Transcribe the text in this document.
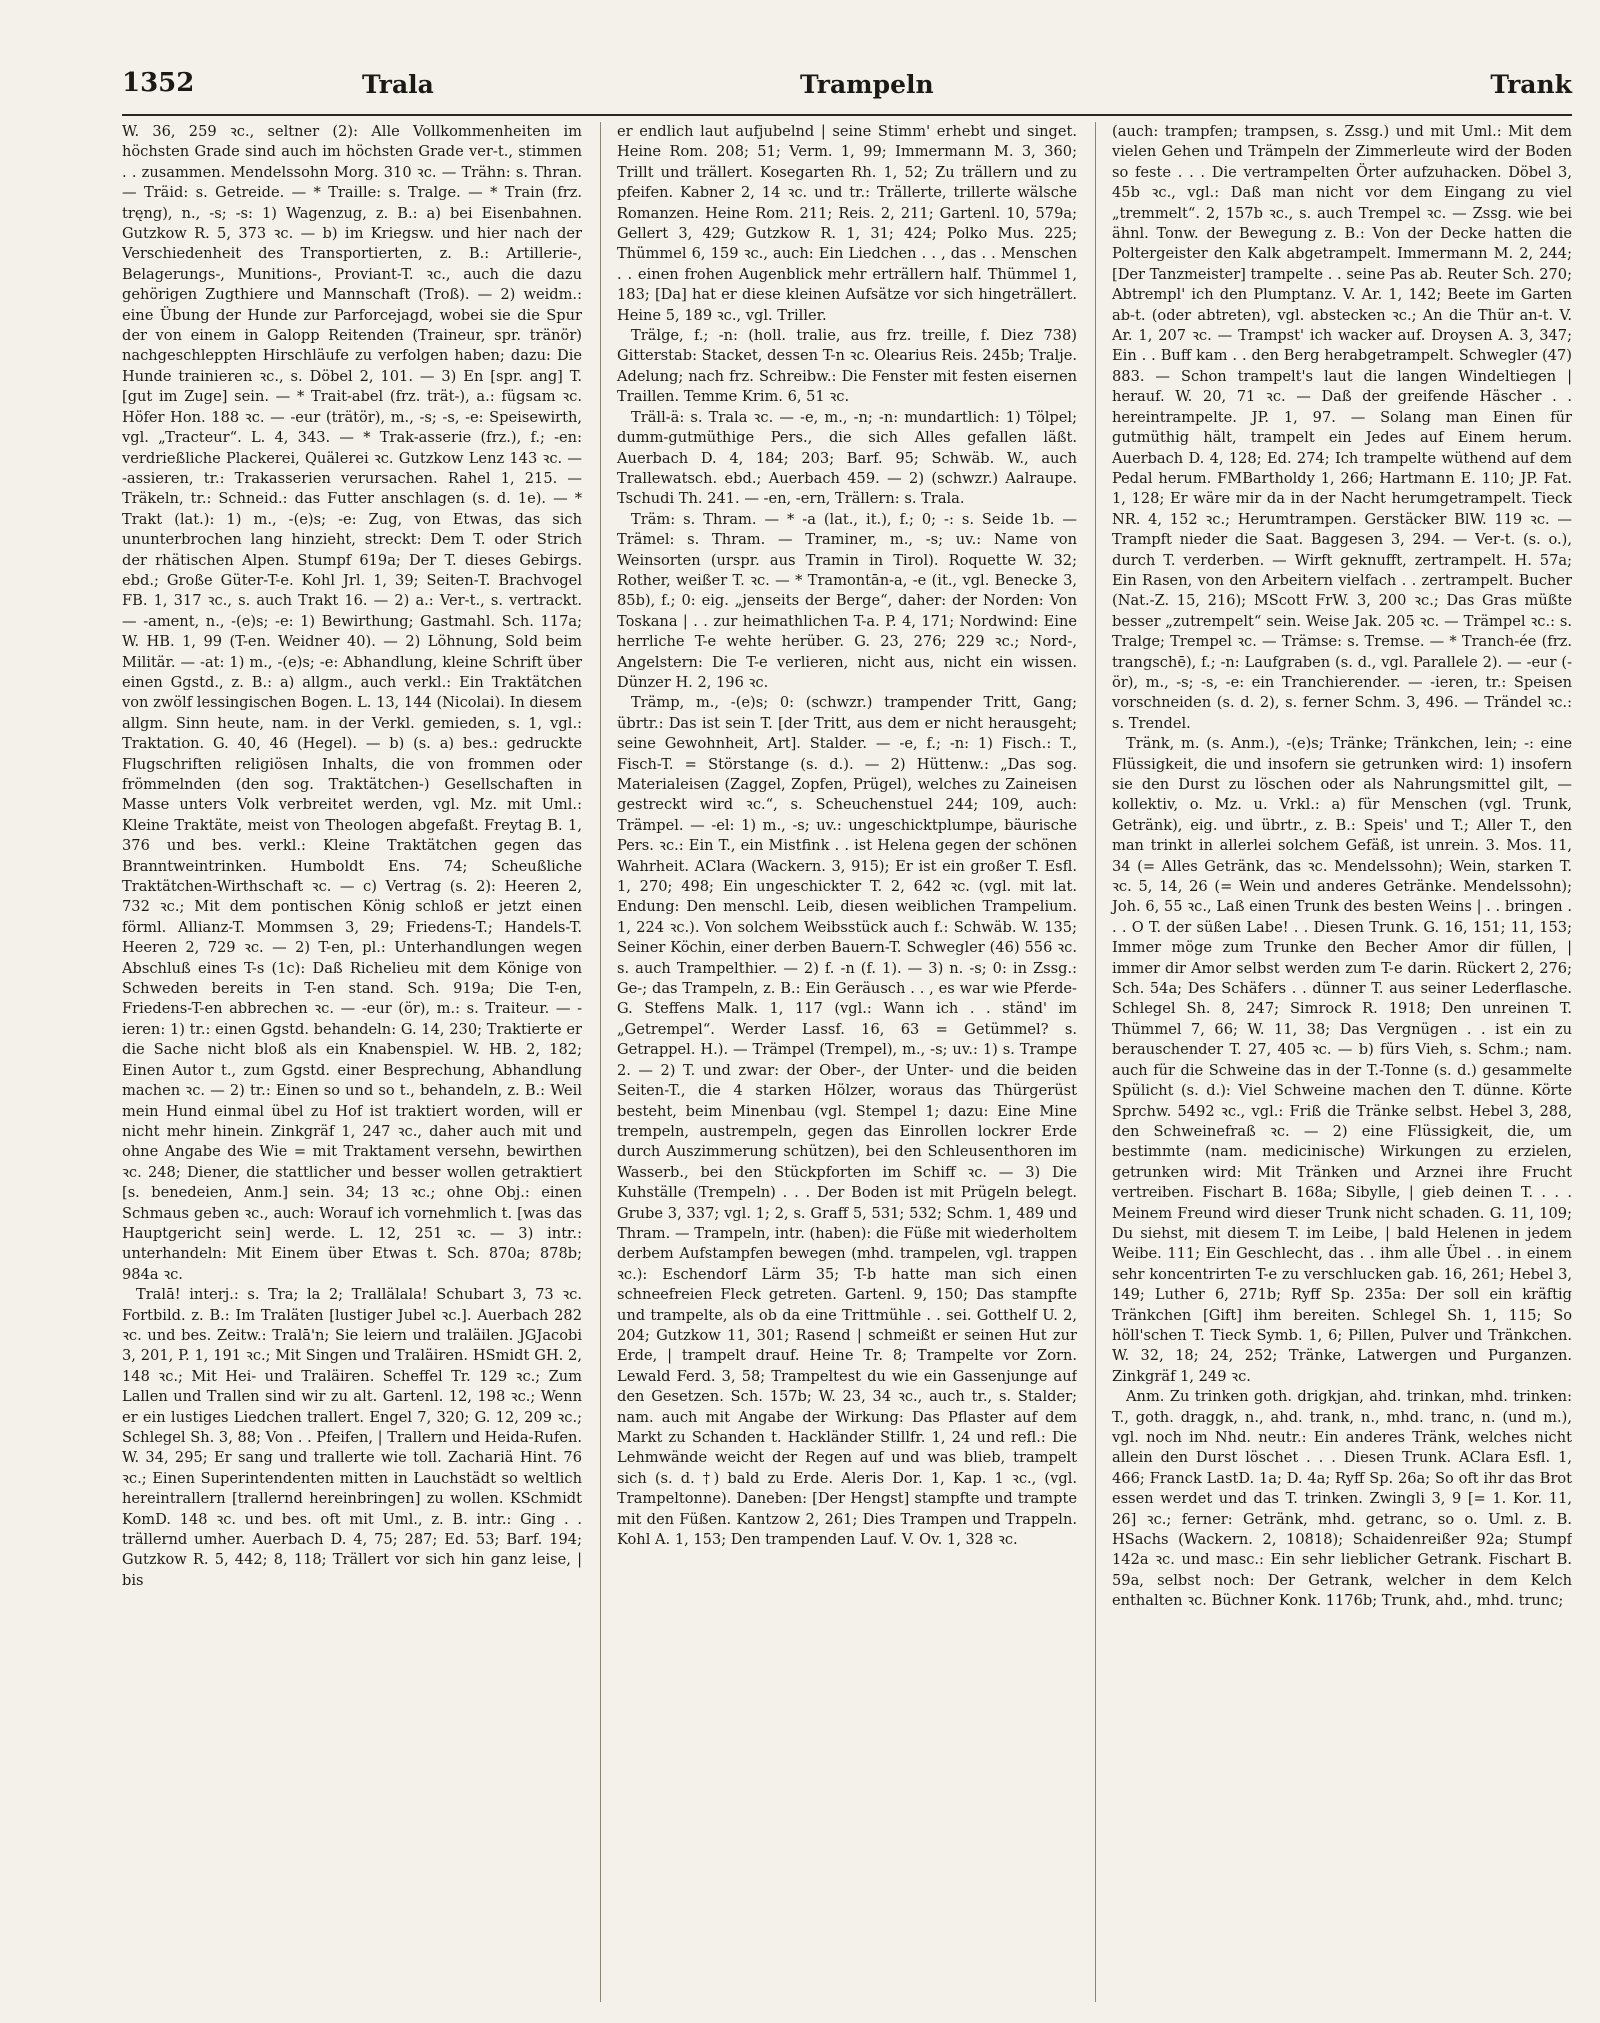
1352	Trala	Trampeln	Trank

W. 36, 259 ꝛc., seltner (2): Alle Vollkommenheiten im höchsten Grade sind auch im höchsten Grade ver-t., stimmen . . zusammen. Mendelssohn Morg. 310 ꝛc. — Trähn: s. Thran. — Träid: s. Getreide. — * Traille: s. Tralge. — * Train (frz. tręng), n., -s; -s: 1) Wagenzug, z. B.: a) bei Eisenbahnen. Gutzkow R. 5, 373 ꝛc. — b) im Kriegsw. und hier nach der Verschiedenheit des Transportierten, z. B.: Artillerie-, Belagerungs-, Munitions-, Proviant-T. ꝛc., auch die dazu gehörigen Zugthiere und Mannschaft (Troß). — 2) weidm.: eine Übung der Hunde zur Parforcejagd, wobei sie die Spur der von einem in Galopp Reitenden (Traineur, spr. tränör) nachgeschleppten Hirschläufe zu verfolgen haben; dazu: Die Hunde trainieren ꝛc., s. Döbel 2, 101. — 3) En [spr. ang] T. [gut im Zuge] sein. — * Trait-abel (frz. trät-), a.: fügsam ꝛc. Höfer Hon. 188 ꝛc. — -eur (trätör), m., -s; -s, -e: Speisewirth, vgl. „Tracteur“. L. 4, 343. — * Trak-asserie (frz.), f.; -en: verdrießliche Plackerei, Quälerei ꝛc. Gutzkow Lenz 143 ꝛc. — -assieren, tr.: Trakasserien verursachen. Rahel 1, 215. — Träkeln, tr.: Schneid.: das Futter anschlagen (s. d. 1e). — * Trakt (lat.): 1) m., -(e)s; -e: Zug, von Etwas, das sich ununterbrochen lang hinzieht, streckt: Dem T. oder Strich der rhätischen Alpen. Stumpf 619a; Der T. dieses Gebirgs. ebd.; Große Güter-T-e. Kohl Jrl. 1, 39; Seiten-T. Brachvogel FB. 1, 317 ꝛc., s. auch Trakt 16. — 2) a.: Ver-t., s. vertrackt. — -ament, n., -(e)s; -e: 1) Bewirthung; Gastmahl. Sch. 117a; W. HB. 1, 99 (T-en. Weidner 40). — 2) Löhnung, Sold beim Militär. — -at: 1) m., -(e)s; -e: Abhandlung, kleine Schrift über einen Ggstd., z. B.: a) allgm., auch verkl.: Ein Traktätchen von zwölf lessingischen Bogen. L. 13, 144 (Nicolai). In diesem allgm. Sinn heute, nam. in der Verkl. gemieden, s. 1, vgl.: Traktation. G. 40, 46 (Hegel). — b) (s. a) bes.: gedruckte Flugschriften religiösen Inhalts, die von frommen oder frömmelnden (den sog. Traktätchen-) Gesellschaften in Masse unters Volk verbreitet werden, vgl. Mz. mit Uml.: Kleine Traktäte, meist von Theologen abgefaßt. Freytag B. 1, 376 und bes. verkl.: Kleine Traktätchen gegen das Branntweintrinken. Humboldt Ens. 74; Scheußliche Traktätchen-Wirthschaft ꝛc. — c) Vertrag (s. 2): Heeren 2, 732 ꝛc.; Mit dem pontischen König schloß er jetzt einen förml. Allianz-T. Mommsen 3, 29; Friedens-T.; Handels-T. Heeren 2, 729 ꝛc. — 2) T-en, pl.: Unterhandlungen wegen Abschluß eines T-s (1c): Daß Richelieu mit dem Könige von Schweden bereits in T-en stand. Sch. 919a; Die T-en, Friedens-T-en abbrechen ꝛc. — -eur (ör), m.: s. Traiteur. — -ieren: 1) tr.: einen Ggstd. behandeln: G. 14, 230; Traktierte er die Sache nicht bloß als ein Knabenspiel. W. HB. 2, 182; Einen Autor t., zum Ggstd. einer Besprechung, Abhandlung machen ꝛc. — 2) tr.: Einen so und so t., behandeln, z. B.: Weil mein Hund einmal übel zu Hof ist traktiert worden, will er nicht mehr hinein. Zinkgräf 1, 247 ꝛc., daher auch mit und ohne Angabe des Wie = mit Traktament versehn, bewirthen ꝛc. 248; Diener, die stattlicher und besser wollen getraktiert [s. benedeien, Anm.] sein. 34; 13 ꝛc.; ohne Obj.: einen Schmaus geben ꝛc., auch: Worauf ich vornehmlich t. [was das Hauptgericht sein] werde. L. 12, 251 ꝛc. — 3) intr.: unterhandeln: Mit Einem über Etwas t. Sch. 870a; 878b; 984a ꝛc.

Tralā! interj.: s. Tra; la 2; Trallälala! Schubart 3, 73 ꝛc. Fortbild. z. B.: Im Traläten [lustiger Jubel ꝛc.]. Auerbach 282 ꝛc. und bes. Zeitw.: Tralā'n; Sie leiern und traläilen. JGJacobi 3, 201, P. 1, 191 ꝛc.; Mit Singen und Traläiren. HSmidt GH. 2, 148 ꝛc.; Mit Hei- und Traläiren. Scheffel Tr. 129 ꝛc.; Zum Lallen und Trallen sind wir zu alt. Gartenl. 12, 198 ꝛc.; Wenn er ein lustiges Liedchen trallert. Engel 7, 320; G. 12, 209 ꝛc.; Schlegel Sh. 3, 88; Von . . Pfeifen, | Trallern und Heida-Rufen. W. 34, 295; Er sang und trallerte wie toll. Zachariä Hint. 76 ꝛc.; Einen Superintendenten mitten in Lauchstädt so weltlich hereintrallern [trallernd hereinbringen] zu wollen. KSchmidt KomD. 148 ꝛc. und bes. oft mit Uml., z. B. intr.: Ging . . trällernd umher. Auerbach D. 4, 75; 287; Ed. 53; Barf. 194; Gutzkow R. 5, 442; 8, 118; Trällert vor sich hin ganz leise, | bis

er endlich laut aufjubelnd | seine Stimm' erhebt und singet. Heine Rom. 208; 51; Verm. 1, 99; Immermann M. 3, 360; Trillt und trällert. Kosegarten Rh. 1, 52; Zu trällern und zu pfeifen. Kabner 2, 14 ꝛc. und tr.: Trällerte, trillerte wälsche Romanzen. Heine Rom. 211; Reis. 2, 211; Gartenl. 10, 579a; Gellert 3, 429; Gutzkow R. 1, 31; 424; Polko Mus. 225; Thümmel 6, 159 ꝛc., auch: Ein Liedchen . . , das . . Menschen . . einen frohen Augenblick mehr erträllern half. Thümmel 1, 183; [Da] hat er diese kleinen Aufsätze vor sich hingeträllert. Heine 5, 189 ꝛc., vgl. Triller.

Trälge, f.; -n: (holl. tralie, aus frz. treille, f. Diez 738) Gitterstab: Stacket, dessen T-n ꝛc. Olearius Reis. 245b; Tralje. Adelung; nach frz. Schreibw.: Die Fenster mit festen eisernen Traillen. Temme Krim. 6, 51 ꝛc.

Träll-ä: s. Trala ꝛc. — -e, m., -n; -n: mundartlich: 1) Tölpel; dumm-gutmüthige Pers., die sich Alles gefallen läßt. Auerbach D. 4, 184; 203; Barf. 95; Schwäb. W., auch Trallewatsch. ebd.; Auerbach 459. — 2) (schwzr.) Aalraupe. Tschudi Th. 241. — -en, -ern, Trällern: s. Trala.

Träm: s. Thram. — * -a (lat., it.), f.; 0; -: s. Seide 1b. — Trämel: s. Thram. — Traminer, m., -s; uv.: Name von Weinsorten (urspr. aus Tramin in Tirol). Roquette W. 32; Rother, weißer T. ꝛc. — * Tramontān-a, -e (it., vgl. Benecke 3, 85b), f.; 0: eig. „jenseits der Berge“, daher: der Norden: Von Toskana | . . zur heimathlichen T-a. P. 4, 171; Nordwind: Eine herrliche T-e wehte herüber. G. 23, 276; 229 ꝛc.; Nord-, Angelstern: Die T-e verlieren, nicht aus, nicht ein wissen. Dünzer H. 2, 196 ꝛc.

Trämp, m., -(e)s; 0: (schwzr.) trampender Tritt, Gang; übrtr.: Das ist sein T. [der Tritt, aus dem er nicht herausgeht; seine Gewohnheit, Art]. Stalder. — -e, f.; -n: 1) Fisch.: T., Fisch-T. = Störstange (s. d.). — 2) Hüttenw.: „Das sog. Materialeisen (Zaggel, Zopfen, Prügel), welches zu Zaineisen gestreckt wird ꝛc.“, s. Scheuchenstuel 244; 109, auch: Trämpel. — -el: 1) m., -s; uv.: ungeschicktplumpe, bäurische Pers. ꝛc.: Ein T., ein Mistfink . . ist Helena gegen der schönen Wahrheit. AClara (Wackern. 3, 915); Er ist ein großer T. Esfl. 1, 270; 498; Ein ungeschickter T. 2, 642 ꝛc. (vgl. mit lat. Endung: Den menschl. Leib, diesen weiblichen Trampelium. 1, 224 ꝛc.). Von solchem Weibsstück auch f.: Schwäb. W. 135; Seiner Köchin, einer derben Bauern-T. Schwegler (46) 556 ꝛc. s. auch Trampelthier. — 2) f. -n (f. 1). — 3) n. -s; 0: in Zssg.: Ge-; das Trampeln, z. B.: Ein Geräusch . . , es war wie Pferde-G. Steffens Malk. 1, 117 (vgl.: Wann ich . . ständ' im „Getrempel“. Werder Lassf. 16, 63 = Getümmel? s. Getrappel. H.). — Trämpel (Trempel), m., -s; uv.: 1) s. Trampe 2. — 2) T. und zwar: der Ober-, der Unter- und die beiden Seiten-T., die 4 starken Hölzer, woraus das Thürgerüst besteht, beim Minenbau (vgl. Stempel 1; dazu: Eine Mine trempeln, austrempeln, gegen das Einrollen lockrer Erde durch Auszimmerung schützen), bei den Schleusenthoren im Wasserb., bei den Stückpforten im Schiff ꝛc. — 3) Die Kuhställe (Trempeln) . . . Der Boden ist mit Prügeln belegt. Grube 3, 337; vgl. 1; 2, s. Graff 5, 531; 532; Schm. 1, 489 und Thram. — Trampeln, intr. (haben): die Füße mit wiederholtem derbem Aufstampfen bewegen (mhd. trampelen, vgl. trappen ꝛc.): Eschendorf Lärm 35; T-b hatte man sich einen schneefreien Fleck getreten. Gartenl. 9, 150; Das stampfte und trampelte, als ob da eine Trittmühle . . sei. Gotthelf U. 2, 204; Gutzkow 11, 301; Rasend | schmeißt er seinen Hut zur Erde, | trampelt drauf. Heine Tr. 8; Trampelte vor Zorn. Lewald Ferd. 3, 58; Trampeltest du wie ein Gassenjunge auf den Gesetzen. Sch. 157b; W. 23, 34 ꝛc., auch tr., s. Stalder; nam. auch mit Angabe der Wirkung: Das Pflaster auf dem Markt zu Schanden t. Hackländer Stillfr. 1, 24 und refl.: Die Lehmwände weicht der Regen auf und was blieb, trampelt sich (s. d. †) bald zu Erde. Aleris Dor. 1, Kap. 1 ꝛc., (vgl. Trampeltonne). Daneben: [Der Hengst] stampfte und trampte mit den Füßen. Kantzow 2, 261; Dies Trampen und Trappeln. Kohl A. 1, 153; Den trampenden Lauf. V. Ov. 1, 328 ꝛc.

(auch: trampfen; trampsen, s. Zssg.) und mit Uml.: Mit dem vielen Gehen und Trämpeln der Zimmerleute wird der Boden so feste . . . Die vertrampelten Örter aufzuhacken. Döbel 3, 45b ꝛc., vgl.: Daß man nicht vor dem Eingang zu viel „tremmelt“. 2, 157b ꝛc., s. auch Trempel ꝛc. — Zssg. wie bei ähnl. Tonw. der Bewegung z. B.: Von der Decke hatten die Poltergeister den Kalk abgetrampelt. Immermann M. 2, 244; [Der Tanzmeister] trampelte . . seine Pas ab. Reuter Sch. 270; Abtrempl' ich den Plumptanz. V. Ar. 1, 142; Beete im Garten ab-t. (oder abtreten), vgl. abstecken ꝛc.; An die Thür an-t. V. Ar. 1, 207 ꝛc. — Trampst' ich wacker auf. Droysen A. 3, 347; Ein . . Buff kam . . den Berg herabgetrampelt. Schwegler (47) 883. — Schon trampelt's laut die langen Windeltiegen | herauf. W. 20, 71 ꝛc. — Daß der greifende Häscher . . hereintrampelte. JP. 1, 97. — Solang man Einen für gutmüthig hält, trampelt ein Jedes auf Einem herum. Auerbach D. 4, 128; Ed. 274; Ich trampelte wüthend auf dem Pedal herum. FMBartholdy 1, 266; Hartmann E. 110; JP. Fat. 1, 128; Er wäre mir da in der Nacht herumgetrampelt. Tieck NR. 4, 152 ꝛc.; Herumtrampen. Gerstäcker BlW. 119 ꝛc. — Trampft nieder die Saat. Baggesen 3, 294. — Ver-t. (s. o.), durch T. verderben. — Wirft geknufft, zertrampelt. H. 57a; Ein Rasen, von den Arbeitern vielfach . . zertrampelt. Bucher (Nat.-Z. 15, 216); MScott FrW. 3, 200 ꝛc.; Das Gras müßte besser „zutrempelt“ sein. Weise Jak. 205 ꝛc. — Trämpel ꝛc.: s. Tralge; Trempel ꝛc. — Trämse: s. Tremse. — * Tranch-ée (frz. trangschē), f.; -n: Laufgraben (s. d., vgl. Parallele 2). — -eur (-ör), m., -s; -s, -e: ein Tranchierender. — -ieren, tr.: Speisen vorschneiden (s. d. 2), s. ferner Schm. 3, 496. — Trändel ꝛc.: s. Trendel.

Tränk, m. (s. Anm.), -(e)s; Tränke; Tränkchen, lein; -: eine Flüssigkeit, die und insofern sie getrunken wird: 1) insofern sie den Durst zu löschen oder als Nahrungsmittel gilt, — kollektiv, o. Mz. u. Vrkl.: a) für Menschen (vgl. Trunk, Getränk), eig. und übrtr., z. B.: Speis' und T.; Aller T., den man trinkt in allerlei solchem Gefäß, ist unrein. 3. Mos. 11, 34 (= Alles Getränk, das ꝛc. Mendelssohn); Wein, starken T. ꝛc. 5, 14, 26 (= Wein und anderes Getränke. Mendelssohn); Joh. 6, 55 ꝛc., Laß einen Trunk des besten Weins | . . bringen . . . O T. der süßen Labe! . . Diesen Trunk. G. 16, 151; 11, 153; Immer möge zum Trunke den Becher Amor dir füllen, | immer dir Amor selbst werden zum T-e darin. Rückert 2, 276; Sch. 54a; Des Schäfers . . dünner T. aus seiner Lederflasche. Schlegel Sh. 8, 247; Simrock R. 1918; Den unreinen T. Thümmel 7, 66; W. 11, 38; Das Vergnügen . . ist ein zu berauschender T. 27, 405 ꝛc. — b) fürs Vieh, s. Schm.; nam. auch für die Schweine das in der T.-Tonne (s. d.) gesammelte Spülicht (s. d.): Viel Schweine machen den T. dünne. Körte Sprchw. 5492 ꝛc., vgl.: Friß die Tränke selbst. Hebel 3, 288, den Schweinefraß ꝛc. — 2) eine Flüssigkeit, die, um bestimmte (nam. medicinische) Wirkungen zu erzielen, getrunken wird: Mit Tränken und Arznei ihre Frucht vertreiben. Fischart B. 168a; Sibylle, | gieb deinen T. . . . Meinem Freund wird dieser Trunk nicht schaden. G. 11, 109; Du siehst, mit diesem T. im Leibe, | bald Helenen in jedem Weibe. 111; Ein Geschlecht, das . . ihm alle Übel . . in einem sehr koncentrirten T-e zu verschlucken gab. 16, 261; Hebel 3, 149; Luther 6, 271b; Ryff Sp. 235a: Der soll ein kräftig Tränkchen [Gift] ihm bereiten. Schlegel Sh. 1, 115; So höll'schen T. Tieck Symb. 1, 6; Pillen, Pulver und Tränkchen. W. 32, 18; 24, 252; Tränke, Latwergen und Purganzen. Zinkgräf 1, 249 ꝛc.

Anm. Zu trinken goth. drigkjan, ahd. trinkan, mhd. trinken: T., goth. draggk, n., ahd. trank, n., mhd. tranc, n. (und m.), vgl. noch im Nhd. neutr.: Ein anderes Tränk, welches nicht allein den Durst löschet . . . Diesen Trunk. AClara Esfl. 1, 466; Franck LastD. 1a; D. 4a; Ryff Sp. 26a; So oft ihr das Brot essen werdet und das T. trinken. Zwingli 3, 9 [= 1. Kor. 11, 26] ꝛc.; ferner: Getränk, mhd. getranc, so o. Uml. z. B. HSachs (Wackern. 2, 10818); Schaidenreißer 92a; Stumpf 142a ꝛc. und masc.: Ein sehr lieblicher Getrank. Fischart B. 59a, selbst noch: Der Getrank, welcher in dem Kelch enthalten ꝛc. Büchner Konk. 1176b; Trunk, ahd., mhd. trunc;
